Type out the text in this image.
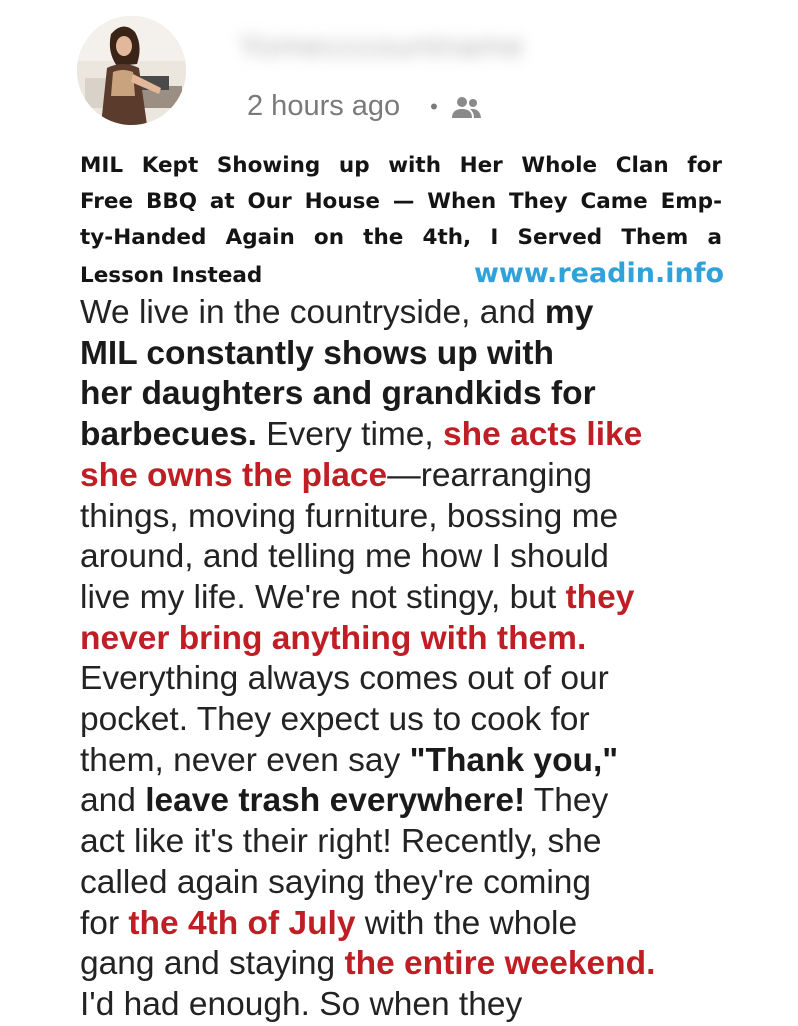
Yomecccountname
2 hours ago •
MIL Kept Showing up with Her Whole Clan for
Free BBQ at Our House — When They Came Emp-
ty-Handed Again on the 4th, I Served Them a
Lesson Instead	www.readin.info
We live in the countryside, and my
MIL constantly shows up with
her daughters and grandkids for
barbecues. Every time, she acts like
she owns the place—rearranging
things, moving furniture, bossing me
around, and telling me how I should
live my life. We're not stingy, but they
never bring anything with them.
Everything always comes out of our
pocket. They expect us to cook for
them, never even say "Thank you,"
and leave trash everywhere! They
act like it's their right! Recently, she
called again saying they're coming
for the 4th of July with the whole
gang and staying the entire weekend.
I'd had enough. So when they
